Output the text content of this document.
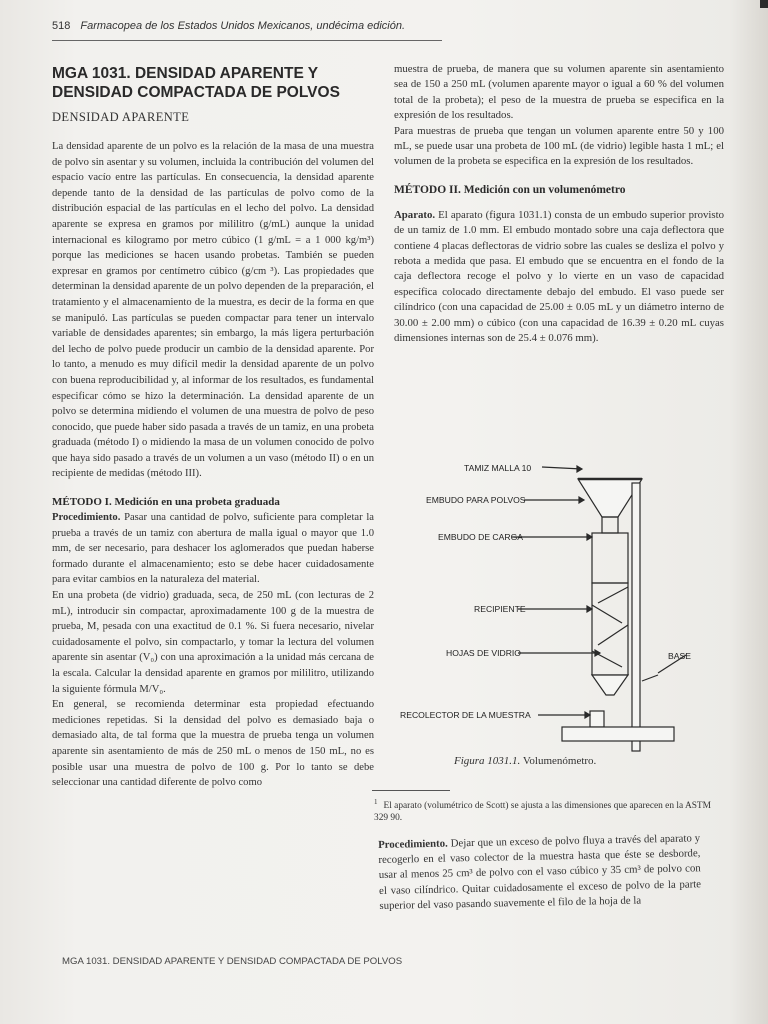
518 Farmacopea de los Estados Unidos Mexicanos, undécima edición.
MGA 1031. DENSIDAD APARENTE Y
DENSIDAD COMPACTADA DE POLVOS
DENSIDAD APARENTE

La densidad aparente de un polvo es la relación de la masa de una muestra de polvo sin asentar y su volumen, incluida la contribución del volumen del espacio vacío entre las partículas. En consecuencia, la densidad aparente depende tanto de la densidad de las partículas de polvo como de la distribución espacial de las partículas en el lecho del polvo. La densidad aparente se expresa en gramos por mililitro (g/mL) aunque la unidad internacional es kilogramo por metro cúbico (1 g/mL = a 1 000 kg/m³) porque las mediciones se hacen usando probetas. También se pueden expresar en gramos por centímetro cúbico (g/cm ³). Las propiedades que determinan la densidad aparente de un polvo dependen de la preparación, el tratamiento y el almacenamiento de la muestra, es decir de la forma en que se manipuló. Las partículas se pueden compactar para tener un intervalo variable de densidades aparentes; sin embargo, la más ligera perturbación del lecho de polvo puede producir un cambio de la densidad aparente. Por lo tanto, a menudo es muy difícil medir la densidad aparente de un polvo con buena reproducibilidad y, al informar de los resultados, es fundamental especificar cómo se hizo la determinación. La densidad aparente de un polvo se determina midiendo el volumen de una muestra de polvo de peso conocido, que puede haber sido pasada a través de un tamiz, en una probeta graduada (método I) o midiendo la masa de un volumen conocido de polvo que haya sido pasado a través de un volumen a un vaso (método II) o en un recipiente de medidas (método III).

MÉTODO I. Medición en una probeta graduada

Procedimiento. Pasar una cantidad de polvo, suficiente para completar la prueba a través de un tamiz con abertura de malla igual o mayor que 1.0 mm, de ser necesario, para deshacer los aglomerados que puedan haberse formado durante el almacenamiento; esto se debe hacer cuidadosamente para evitar cambios en la naturaleza del material.

En una probeta (de vidrio) graduada, seca, de 250 mL (con lecturas de 2 mL), introducir sin compactar, aproximadamente 100 g de la muestra de prueba, M, pesada con una exactitud de 0.1 %. Si fuera necesario, nivelar cuidadosamente el polvo, sin compactarlo, y tomar la lectura del volumen aparente sin asentar (V₀) con una aproximación a la unidad más cercana de la escala. Calcular la densidad aparente en gramos por mililitro, utilizando la siguiente fórmula M/V₀.

En general, se recomienda determinar esta propiedad efectuando mediciones repetidas. Si la densidad del polvo es demasiado baja o demasiado alta, de tal forma que la muestra de prueba tenga un volumen aparente sin asentamiento de más de 250 mL o menos de 150 mL, no es posible usar una muestra de polvo de 100 g. Por lo tanto se debe seleccionar una cantidad diferente de polvo como

muestra de prueba, de manera que su volumen aparente sin asentamiento sea de 150 a 250 mL (volumen aparente mayor o igual a 60 % del volumen total de la probeta); el peso de la muestra de prueba se especifica en la expresión de los resultados.

Para muestras de prueba que tengan un volumen aparente entre 50 y 100 mL, se puede usar una probeta de 100 mL (de vidrio) legible hasta 1 mL; el volumen de la probeta se especifica en la expresión de los resultados.

MÉTODO II. Medición con un volumenómetro

Aparato. El aparato (figura 1031.1) consta de un embudo superior provisto de un tamiz de 1.0 mm. El embudo montado sobre una caja deflectora que contiene 4 placas deflectoras de vidrio sobre las cuales se desliza el polvo y rebota a medida que pasa. El embudo que se encuentra en el fondo de la caja deflectora recoge el polvo y lo vierte en un vaso de capacidad específica colocado directamente debajo del embudo. El vaso puede ser cilíndrico (con una capacidad de 25.00 ± 0.05 mL y un diámetro interno de 30.00 ± 2.00 mm) o cúbico (con una capacidad de 16.39 ± 0.20 mL cuyas dimensiones internas son de 25.4 ± 0.076 mm).

TAMIZ MALLA 10
EMBUDO PARA POLVOS
EMBUDO DE CARGA
RECIPIENTE
HOJAS DE VIDRIO	BASE
RECOLECTOR DE LA MUESTRA
Figura 1031.1. Volumenómetro.
$^1$ El aparato (volumétrico de Scott) se ajusta a las dimensiones que aparecen en la ASTM 329 90.
Procedimiento. Dejar que un exceso de polvo fluya a través del aparato y recogerlo en el vaso colector de la muestra hasta que éste se desborde, usar al menos 25 cm³ de polvo con el vaso cúbico y 35 cm³ de polvo con el vaso cilíndrico. Quitar cuidadosamente el exceso de polvo de la parte superior del vaso pasando suavemente el filo de la hoja de la
MGA 1031. DENSIDAD APARENTE Y DENSIDAD COMPACTADA DE POLVOS
